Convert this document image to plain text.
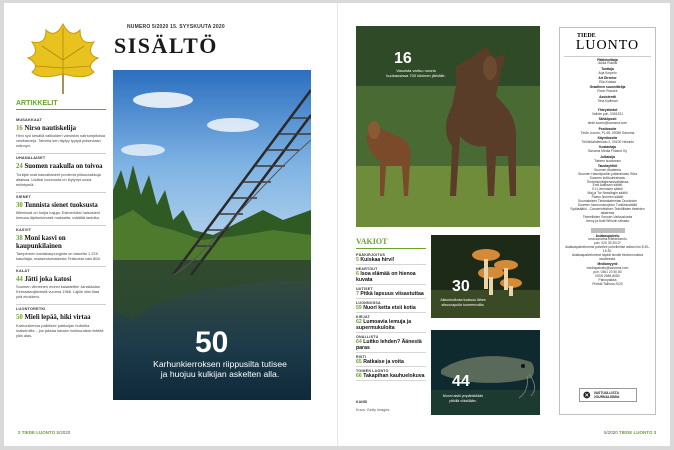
NUMERO 5/2020 15. SYYSKUUTA 2020
SISÄLTÖ
ARTIKKELIT
MUSAKKAAT
16 Nirso nautiskelija
Hirvi syö kesällä valikoiden varsinkin natriumpitoisia vesikasveja. Talvella sen täytyy tyytyä puiseviaan männyn.
UHANALAISET
24 Suomen raakulla on toivoa
Turkijat ovat kasvattaneet pontevia pikkuraakkuja altaissa. Lisäksi luonnosta on löytynyt uusia esiintymiä.
SIENET
30 Tunnista sienet tuoksusta
Itilemissä on hurjia hajuja. Esimerkiksi haisusieni lemuaa läpitunkevasti maksalta, mätältä lantulta.
KASVIT
38 Moni kasvi on kaupunkilainen
Tampereen kantakaupungista on laskettu 1 225 kasvilajia, maaseutumaisesta Teiskosta vain 808.
KALAT
44 Jätti joka katosi
Suomen viimeinen monni kalastettiin Janakkalan Kernaalanjärvestä vuonna 1966. Lajille olisi tilaa yhä ekokkero.
LUONTORETKI
50 Mieli lepää, hiki virtaa
Karhunkierros palkitsee patikoijan huikeilla maisemilla – jos jaksaa kavuta muhkuraisia rinteitä ylös alas.	50
Karhunkierroksen riippusilta tutisee ja huojuu kulkijan askelten alla.
2 TIEDE LUONTO 5/2020
16
Vasoista vartuu nuoria kuukausissa 700 kiloinen järkälle.
VAKIOT
PÄÄKIRJOITUS
5 Kuiskaa hirvi!
HEARTOUT
6 Isoa elämää on hienoa kuvata
UUTISET
7 Pitkä lapsuus viisastuttaa
LUONNOSSA
59 Nuori ketta etsii kotia
KIRJAT
62 Lumoavia lemuja ja supermukuloita
ONALLISTU
64 Luitko lehden? Äänestä paras
RISTI
65 Ratkaise ja voita
TOIMEN LUONTO
66 Takapihan kauhuelokuva
KANSI
Kuva: Getty Images
30
Akkonkolkoka tuoksuu lähes sitruunapulla tuoreenvoilta.
44
Monni aistii ympäristöään pitkillä viiksillään.
TIEDE
LUONTO
Päätoimittaja
Jukka Ruukki
Tuottaja
Arja Korpelo
Art Director
Ella Kustaa
Graafinen suunnittelija
Ronn Roosee
Assistentti
Tiina Kylliman
Yhteystiedot
Vaihde puh. 0361201
Sähköposti
tiede.luonto@sanoma.com
Postiosoite
Tiede Luonto, PL 65, 00089 Sanoma
Käyntiosoite
Töölönlahdenkatu 2, 00100 Helsinki
Kustantaja
Sanoma Media Finland Oy
Julkaisija
Tieteen kustannus
Taustayhtiöt
Suomen Akatemia
Suomen Hasnäpuoliin juhlarahasto Sitra
Suomen kulttuurirahasto
Tiedetoimittajienasivaltiaissa
Emil Aaltosen säätiö
K.H.Jennusen säätiö
Maj ja Tor Nesslingin säätiö
Paavo Nurmen säätiö
Suomalaisen Tiedeakatemian Duodecim
Suomen luonnonsuojelun Tunkimusäätiö
Sydäsäätiö - Cancerinfektsen Teknilliisten tieteiden akatemia
Tieteellisten Seurain Valtuuskunta
Jenny ja Antti Wihurin rahasto
Asiakaspalvelu
oma.sanoma.fi/tiedeluonto
puh. 020 39 2012*
Asiakaspalvelumme palvelee puhelimitse arkisin klo 8.30–16.30.
Asiakaspalvelumme läydät sinulle tiedonmuuttoa osoitteesta.
Mediamyynti
mediapalvelu@sanoma.com
puh. 0361 20 50 80
ISSN 2669-8080
Painopaikka
Printall Tallinna 2020
VASTUULLISTA JOURNALISMIA
5/2020 TIEDE LUONTO 3
